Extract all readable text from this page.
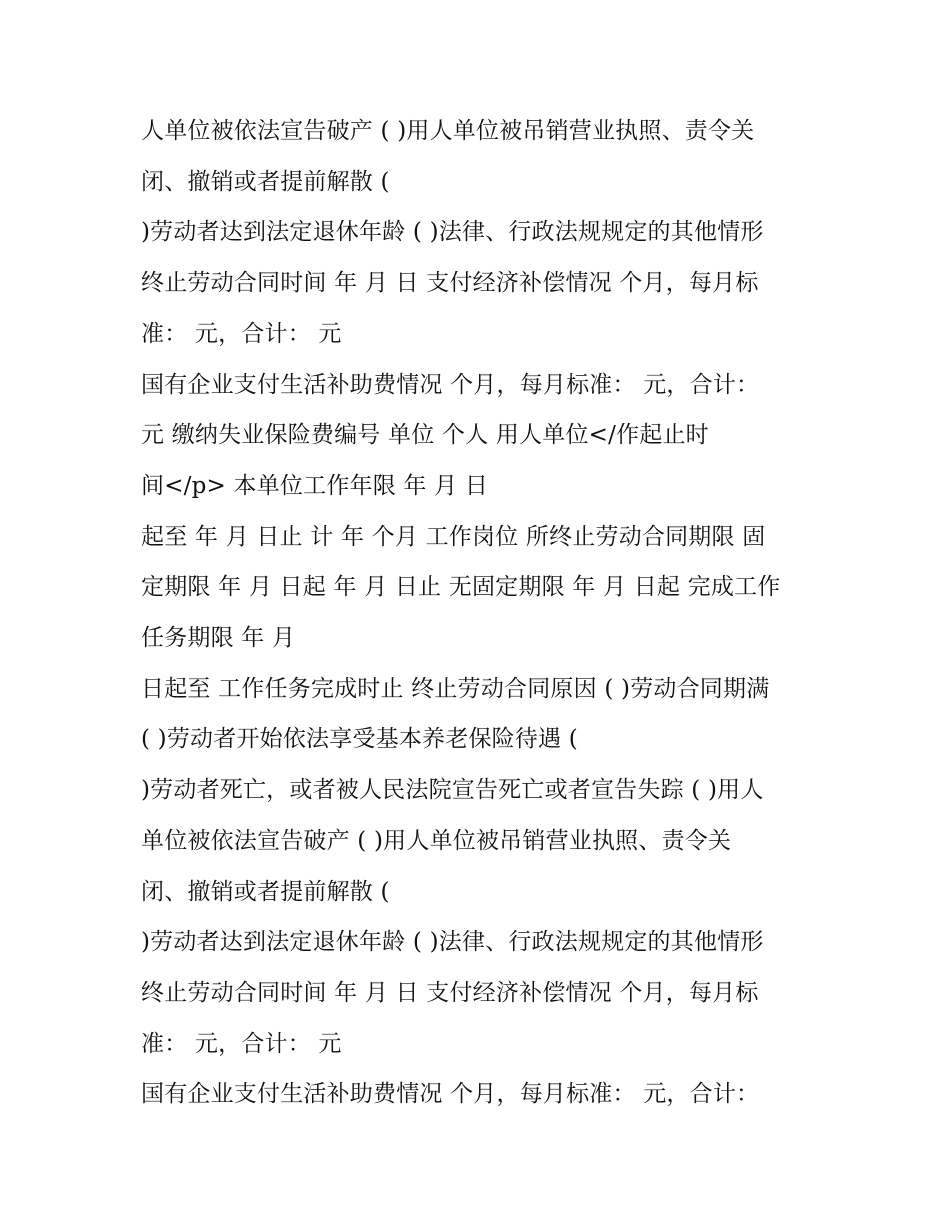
人单位被依法宣告破产 ( )用人单位被吊销营业执照、责令关
闭、撤销或者提前解散 (
)劳动者达到法定退休年龄 ( )法律、行政法规规定的其他情形
终止劳动合同时间 年 月 日 支付经济补偿情况 个月，每月标
准： 元，合计： 元
国有企业支付生活补助费情况 个月，每月标准： 元，合计：
元 缴纳失业保险费编号 单位 个人 用人单位</作起止时
间</p> 本单位工作年限 年 月 日
起至 年 月 日止 计 年 个月 工作岗位 所终止劳动合同期限 固
定期限 年 月 日起 年 月 日止 无固定期限 年 月 日起 完成工作
任务期限 年 月
日起至 工作任务完成时止 终止劳动合同原因 ( )劳动合同期满
( )劳动者开始依法享受基本养老保险待遇 (
)劳动者死亡，或者被人民法院宣告死亡或者宣告失踪 ( )用人
单位被依法宣告破产 ( )用人单位被吊销营业执照、责令关
闭、撤销或者提前解散 (
)劳动者达到法定退休年龄 ( )法律、行政法规规定的其他情形
终止劳动合同时间 年 月 日 支付经济补偿情况 个月，每月标
准： 元，合计： 元
国有企业支付生活补助费情况 个月，每月标准： 元，合计：
